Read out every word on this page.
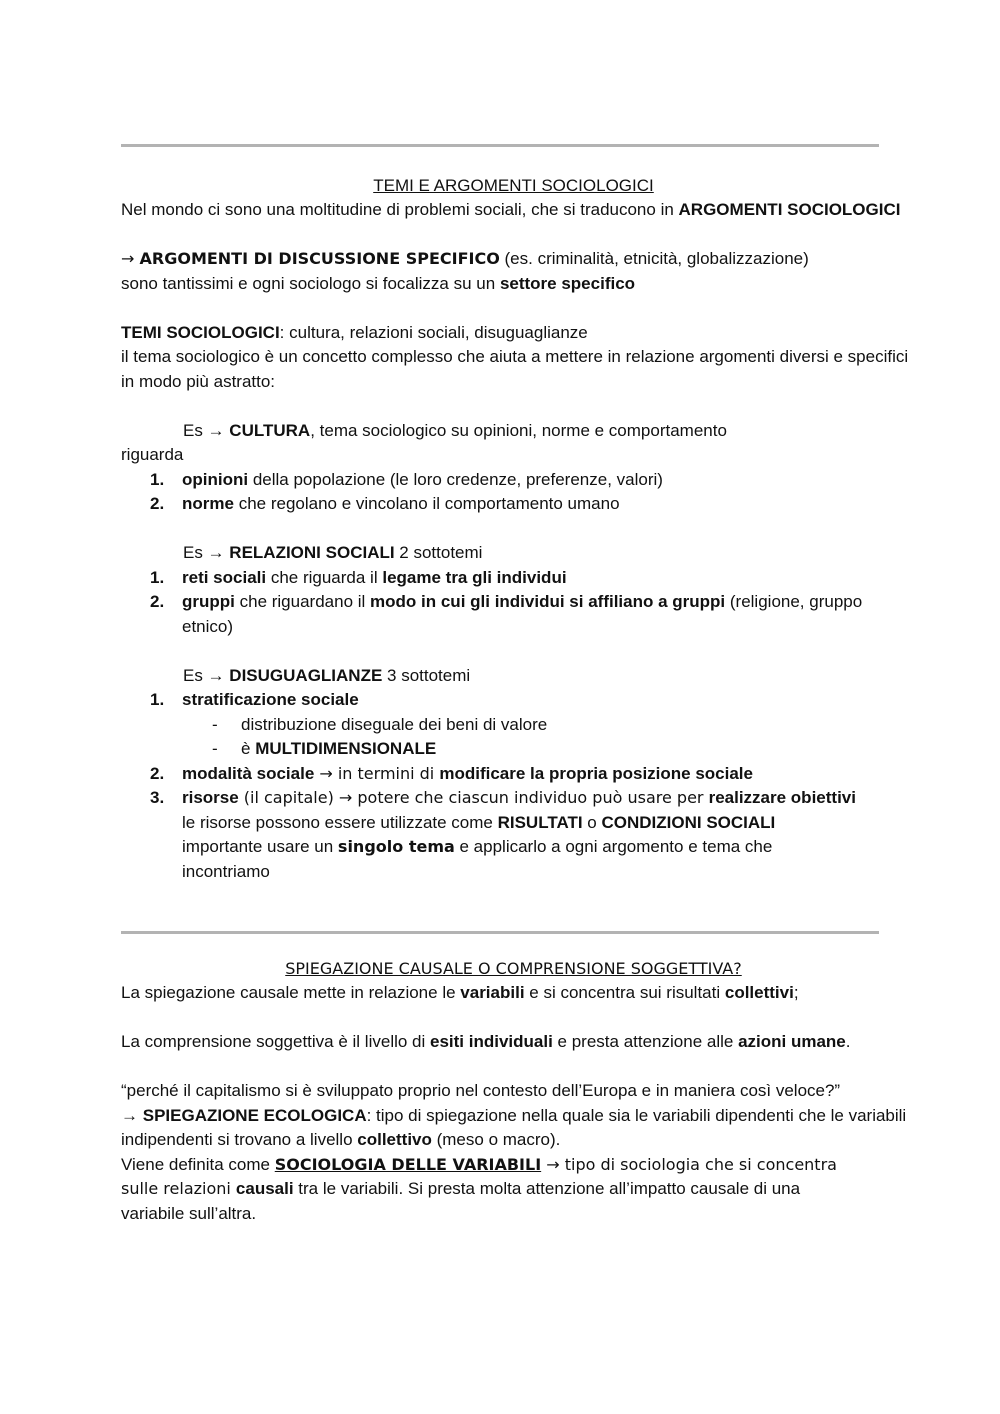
TEMI E ARGOMENTI SOCIOLOGICI

Nel mondo ci sono una moltitudine di problemi sociali, che si traducono in ARGOMENTI SOCIOLOGICI

→ ARGOMENTI DI DISCUSSIONE SPECIFICO (es. criminalità, etnicità, globalizzazione)
sono tantissimi e ogni sociologo si focalizza su un settore specifico

TEMI SOCIOLOGICI: cultura, relazioni sociali, disuguaglianze

il tema sociologico è un concetto complesso che aiuta a mettere in relazione argomenti diversi e specifici in modo più astratto:

Es → CULTURA, tema sociologico su opinioni, norme e comportamento

riguarda

1. opinioni della popolazione (le loro credenze, preferenze, valori)
2. norme che regolano e vincolano il comportamento umano

Es → RELAZIONI SOCIALI 2 sottotemi

1. reti sociali che riguarda il legame tra gli individui
2. gruppi che riguardano il modo in cui gli individui si affiliano a gruppi (religione, gruppo etnico)

Es → DISUGUAGLIANZE 3 sottotemi

1. stratificazione sociale
- distribuzione diseguale dei beni di valore
- è MULTIDIMENSIONALE
2. modalità sociale → in termini di modificare la propria posizione sociale
3. risorse (il capitale) → potere che ciascun individuo può usare per realizzare obiettivi
le risorse possono essere utilizzate come RISULTATI o CONDIZIONI SOCIALI
importante usare un singolo tema e applicarlo a ogni argomento e tema che incontriamo
SPIEGAZIONE CAUSALE O COMPRENSIONE SOGGETTIVA?

La spiegazione causale mette in relazione le variabili e si concentra sui risultati collettivi;

La comprensione soggettiva è il livello di esiti individuali e presta attenzione alle azioni umane.

“perché il capitalismo si è sviluppato proprio nel contesto dell’Europa e in maniera così veloce?”

→ SPIEGAZIONE ECOLOGICA: tipo di spiegazione nella quale sia le variabili dipendenti che le variabili indipendenti si trovano a livello collettivo (meso o macro).

Viene definita come SOCIOLOGIA DELLE VARIABILI → tipo di sociologia che si concentra sulle relazioni causali tra le variabili. Si presta molta attenzione all’impatto causale di una variabile sull’altra.
